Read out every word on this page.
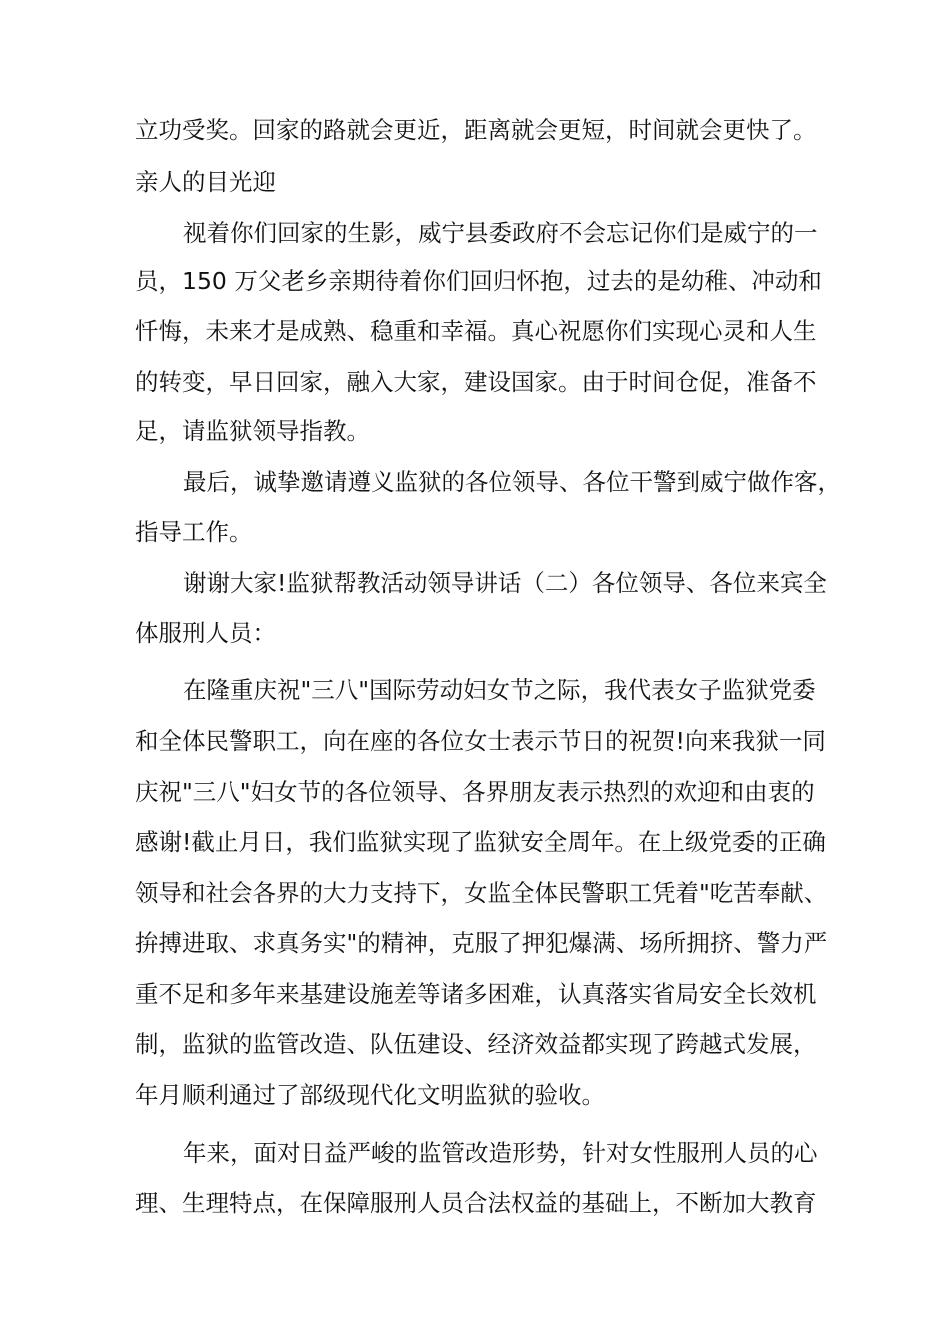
立功受奖。回家的路就会更近，距离就会更短，时间就会更快了。
亲人的目光迎
视着你们回家的生影，威宁县委政府不会忘记你们是威宁的一
员，150 万父老乡亲期待着你们回归怀抱，过去的是幼稚、冲动和
忏悔，未来才是成熟、稳重和幸福。真心祝愿你们实现心灵和人生
的转变，早日回家，融入大家，建设国家。由于时间仓促，准备不
足，请监狱领导指教。
最后，诚挚邀请遵义监狱的各位领导、各位干警到威宁做作客，
指导工作。
谢谢大家!监狱帮教活动领导讲话（二）各位领导、各位来宾全
体服刑人员：
在隆重庆祝"三八"国际劳动妇女节之际，我代表女子监狱党委
和全体民警职工，向在座的各位女士表示节日的祝贺!向来我狱一同
庆祝"三八"妇女节的各位领导、各界朋友表示热烈的欢迎和由衷的
感谢!截止月日，我们监狱实现了监狱安全周年。在上级党委的正确
领导和社会各界的大力支持下，女监全体民警职工凭着"吃苦奉献、
拚搏进取、求真务实"的精神，克服了押犯爆满、场所拥挤、警力严
重不足和多年来基建设施差等诸多困难，认真落实省局安全长效机
制，监狱的监管改造、队伍建设、经济效益都实现了跨越式发展，
年月顺利通过了部级现代化文明监狱的验收。
年来，面对日益严峻的监管改造形势，针对女性服刑人员的心
理、生理特点，在保障服刑人员合法权益的基础上，不断加大教育
